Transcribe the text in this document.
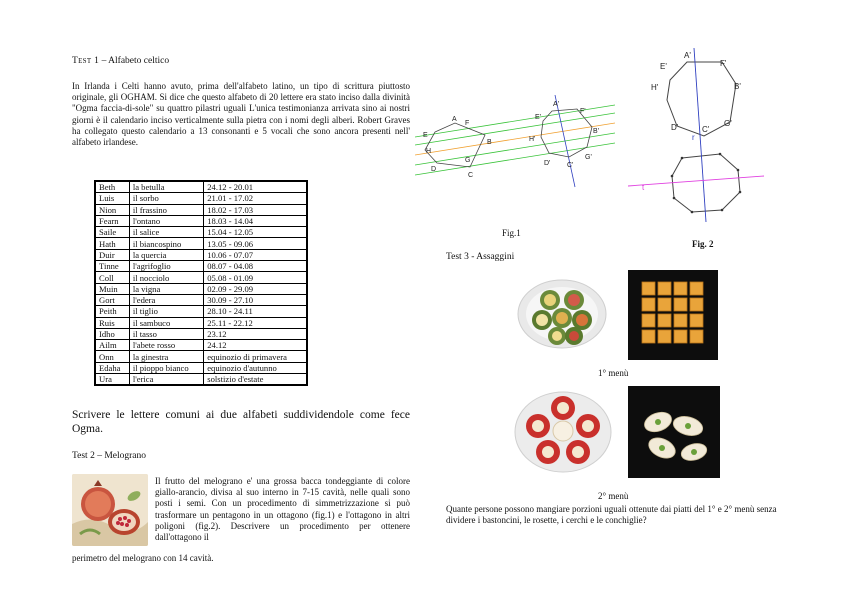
Test 1 – Alfabeto celtico
In Irlanda i Celti hanno avuto, prima dell'alfabeto latino, un tipo di scrittura piuttosto originale, gli OGHAM. Si dice che questo alfabeto di 20 lettere era stato inciso dalla divinità "Ogma faccia-di-sole" su quattro pilastri uguali L'unica testimonianza arrivata sino ai nostri giorni è il calendario inciso verticalmente sulla pietra con i nomi degli alberi. Robert Graves ha collegato questo calendario a 13 consonanti e 5 vocali che sono ancora presenti nell' alfabeto irlandese.
Beth	la betulla	24.12 - 20.01
Luis	il sorbo	21.01 - 17.02
Nion	il frassino	18.02 - 17.03
Fearn	l'ontano	18.03 - 14.04
Saile	il salice	15.04 - 12.05
Hath	il biancospino	13.05 - 09.06
Duir	la quercia	10.06 - 07.07
Tinne	l'agrifoglio	08.07 - 04.08
Coll	il nocciolo	05.08 - 01.09
Muin	la vigna	02.09 - 29.09
Gort	l'edera	30.09 - 27.10
Peith	il tiglio	28.10 - 24.11
Ruis	il sambuco	25.11 - 22.12
Idho	il tasso	23.12
Ailm	l'abete rosso	24.12
Onn	la ginestra	equinozio di primavera
Edaha	il pioppo bianco	equinozio d'autunno
Ura	l'erica	solstizio d'estate
Scrivere le lettere comuni ai due alfabeti suddividendole come fece Ogma.
Test 2 – Melograno
Il frutto del melograno e' una grossa bacca tondeggiante di colore giallo-arancio, divisa al suo interno in 7-15 cavità, nelle quali sono posti i semi. Con un procedimento di simmetrizzazione si può trasformare un pentagono in un ottagono (fig.1) e l'ottagono in altri poligoni (fig.2). Descrivere un procedimento per ottenere dall'ottagono il
perimetro del melograno con 14 cavità.
A
B
C
D
E
F
G
H
A'
B'
C'
D'
E'
F'
G'
H'
Fig.1
A'
B'
C'
D'
E'	F'
G'
H'
r
t
Fig. 2
Test 3 - Assaggini
1° menù
2° menù
Quante persone possono mangiare porzioni uguali ottenute dai piatti del 1° e 2° menù senza dividere i bastoncini, le rosette, i cerchi e le conchiglie?
